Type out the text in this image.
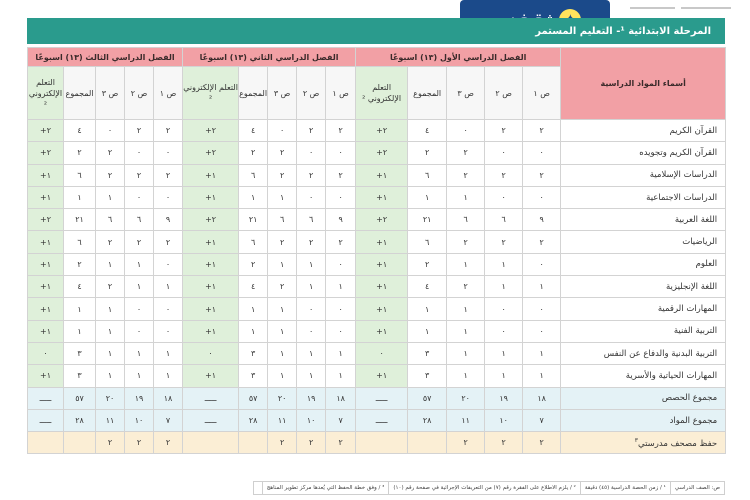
المرحلة الابتدائية ¹- التعليم المستمر
أسماء المواد الدراسية	الفصل الدراسي الأول (١٣) اسبوعًا					الفصل الدراسي الثاني (١٣) اسبوعًا					الفصل الدراسي الثالث (١٣) اسبوعًا				
	ص ١	ص ٢	ص ٣	المجموع	التعلم الإلكتروني ²	ص ١	ص ٢	ص ٣	المجموع	التعلم الإلكتروني ²	ص ١	ص ٢	ص ٣	المجموع	التعلم الإلكتروني ²
القرآن الكريم	٢	٢	٠	٤	٢+	٢	٢	٠	٤	٢+	٢	٢	٠	٤	٢+
القرآن الكريم وتجويده	٠	٠	٢	٢	٢+	٠	٠	٢	٢	٢+	٠	٠	٢	٢	٢+
الدراسات الإسلامية	٢	٢	٢	٦	١+	٢	٢	٢	٦	١+	٢	٢	٢	٦	١+
الدراسات الاجتماعية	٠	٠	١	١	١+	٠	٠	١	١	١+	٠	٠	١	١	١+
اللغة العربية	٩	٦	٦	٢١	٢+	٩	٦	٦	٢١	٢+	٩	٦	٦	٢١	٢+
الرياضيات	٢	٢	٢	٦	١+	٢	٢	٢	٦	١+	٢	٢	٢	٦	١+
العلوم	٠	١	١	٢	١+	٠	١	١	٢	١+	٠	١	١	٢	١+
اللغة الإنجليزية	١	١	٢	٤	١+	١	١	٢	٤	١+	١	١	٢	٤	١+
المهارات الرقمية	٠	٠	١	١	١+	٠	٠	١	١	١+	٠	٠	١	١	١+
التربية الفنية	٠	٠	١	١	١+	٠	٠	١	١	١+	٠	٠	١	١	١+
التربية البدنية والدفاع عن النفس	١	١	١	٣	٠	١	١	١	٣	٠	١	١	١	٣	٠
المهارات الحياتية والأسرية	١	١	١	٣	١+	١	١	١	٣	١+	١	١	١	٣	١+
مجموع الحصص	١٨	١٩	٢٠	٥٧	ـــــ	١٨	١٩	٢٠	٥٧	ـــــ	١٨	١٩	٢٠	٥٧	ـــــ
مجموع المواد	٧	١٠	١١	٢٨	ـــــ	٧	١٠	١١	٢٨	ـــــ	٧	١٠	١١	٢٨	ـــــ
حفظ مصحف مدرستي$^٣$	٢	٢	٢			٢	٢	٢			٢	٢	٢		
ص: الصف الدراسي
¹ / زمن الحصة الدراسية (٤٥) دقيقة
² / يلزم الاطلاع على الفقرة رقم (٧) من التعريفات الإجرائية في صفحة رقم (١٠)
³ / وفق خطة الحفظ التي يُعدها مركز تطوير المناهج
